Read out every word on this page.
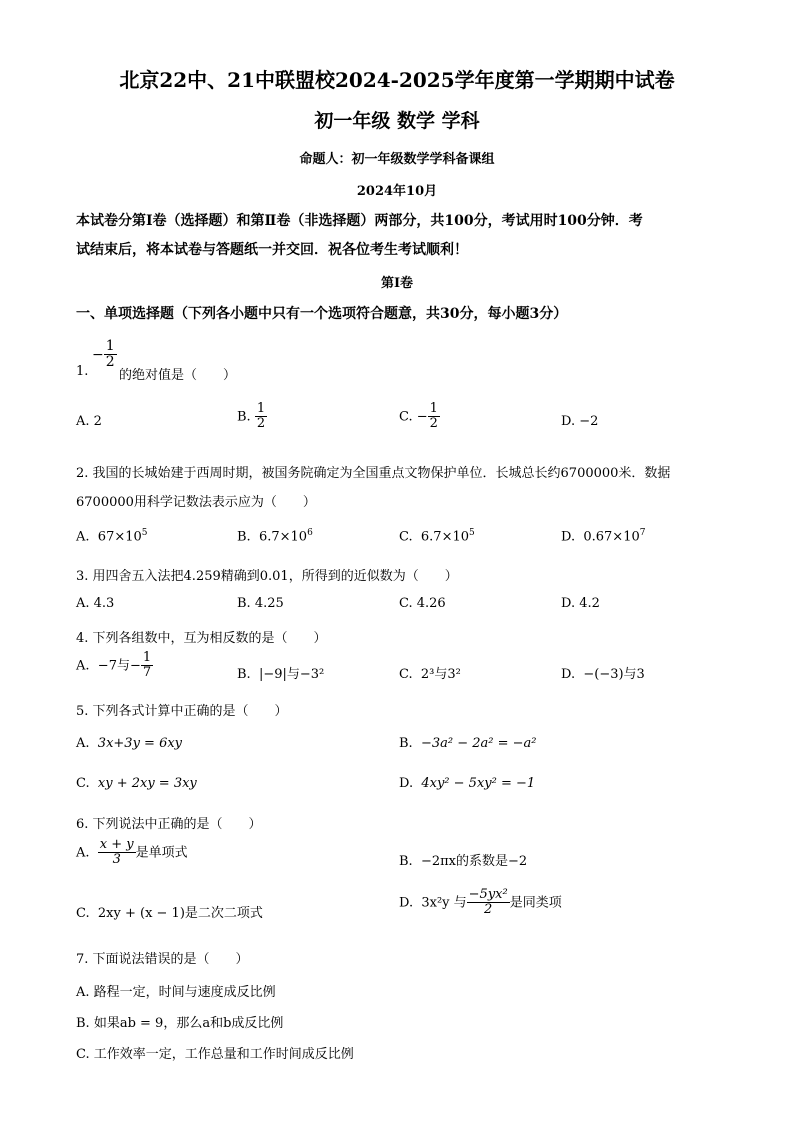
北京22中、21中联盟校2024-2025学年度第一学期期中试卷
初一年级 数学 学科
命题人：初一年级数学学科备课组
2024年10月
本试卷分第Ⅰ卷（选择题）和第Ⅱ卷（非选择题）两部分，共100分，考试用时100分钟．考
试结束后，将本试卷与答题纸一并交回．祝各位考生考试顺利！
第Ⅰ卷
一、单项选择题（下列各小题中只有一个选项符合题意，共30分，每小题3分）
1.
− $\frac{1}{2}$
的绝对值是（　　）
A. 2	B. $\frac{1}{2}$	C. − $\frac{1}{2}$	D. −2
2. 我国的长城始建于西周时期，被国务院确定为全国重点文物保护单位．长城总长约6700000米．数据
6700000用科学记数法表示应为（　　）
A. $67\times 10^5$	B. $6.7\times 10^6$	C. $6.7\times 10^5$	D. $0.67\times 10^7$
3. 用四舍五入法把4.259精确到0.01，所得到的近似数为（　　）
A. 4.3	B. 4.25	C. 4.26	D. 4.2
4. 下列各组数中，互为相反数的是（　　）
A. −7与− $\frac{1}{7}$	B. |−9|与−3²	C. 2³与3²	D. −(−3)与3
5. 下列各式计算中正确的是（　　）
A. 3x+3y = 6xy	B. −3a² − 2a² = −a²
C. xy + 2xy = 3xy	D. 4xy² − 5xy² = −1
6. 下列说法中正确的是（　　）
A. $\frac{x + y}{3}$ 是单项式
B. −2πx的系数是−2
C. 2xy + (x − 1)是二次二项式
D. 3x²y 与 $\frac{\text{−5yx²}}{2}$ 是同类项
7. 下面说法错误的是（　　）
A. 路程一定，时间与速度成反比例
B. 如果ab = 9，那么a和b成反比例
C. 工作效率一定，工作总量和工作时间成反比例
